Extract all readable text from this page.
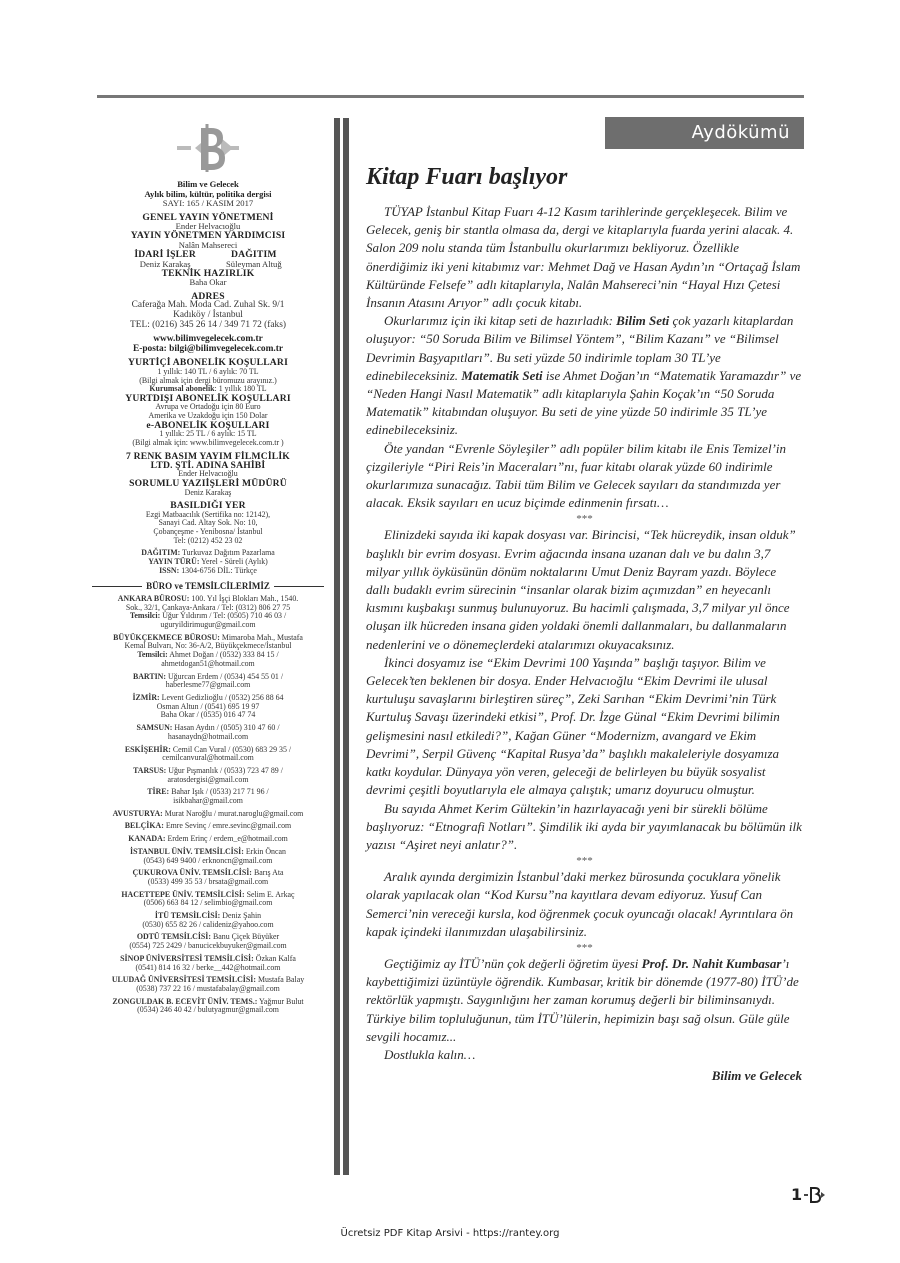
Bilim ve Gelecek
Aylık bilim, kültür, politika dergisi
SAYI: 165 / KASIM 2017
GENEL YAYIN YÖNETMENİ
Ender Helvacıoğlu
YAYIN YÖNETMEN YARDIMCISI
Nalân Mahsereci
İDARİ İŞLER
Deniz Karakaş
DAĞITIM
Süleyman Altuğ
TEKNİK HAZIRLIK
Baha Okar
ADRES
Caferağa Mah. Moda Cad. Zuhal Sk. 9/1
Kadıköy / İstanbul
TEL: (0216) 345 26 14 / 349 71 72 (faks)
www.bilimvegelecek.com.tr
E-posta: bilgi@bilimvegelecek.com.tr
YURTİÇİ ABONELİK KOŞULLARI
1 yıllık: 140 TL / 6 aylık: 70 TL
(Bilgi almak için dergi büromuzu arayınız.)
Kurumsal abonelik: 1 yıllık 180 TL
YURTDIŞI ABONELİK KOŞULLARI
Avrupa ve Ortadoğu için 80 Euro
Amerika ve Uzakdoğu için 150 Dolar
e-ABONELİK KOŞULLARI
1 yıllık: 25 TL / 6 aylık: 15 TL
(Bilgi almak için: www.bilimvegelecek.com.tr )
7 RENK BASIM YAYIM FİLMCİLİK
LTD. ŞTİ. ADINA SAHİBİ
Ender Helvacıoğlu
SORUMLU YAZIİŞLERİ MÜDÜRÜ
Deniz Karakaş
BASILDIĞI YER
Ezgi Matbaacılık (Sertifika no: 12142),
Sanayi Cad. Altay Sok. No: 10,
Çobançeşme - Yenibosna/ İstanbul
Tel: (0212) 452 23 02
DAĞITIM: Turkuvaz Dağıtım Pazarlama
YAYIN TÜRÜ: Yerel - Süreli (Aylık)
ISSN: 1304-6756 DİL: Türkçe
BÜRO ve TEMSİLCİLERİMİZ
ANKARA BÜROSU: 100. Yıl İşçi Blokları Mah., 1540.
Sok., 32/1, Çankaya-Ankara / Tel: (0312) 806 27 75
Temsilci: Uğur Yıldırım / Tel: (0505) 710 46 03 /
uguryildirimugur@gmail.com
BÜYÜKÇEKMECE BÜROSU: Mimaroba Mah., Mustafa
Kemal Bulvarı, No: 36-A/2, Büyükçekmece/İstanbul
Temsilci: Ahmet Doğan / (0532) 333 84 15 /
ahmetdogan51@hotmail.com
BARTIN: Uğurcan Erdem / (0534) 454 55 01 /
haberlesme77@gmail.com
İZMİR: Levent Gedizlioğlu / (0532) 256 88 64
Osman Altun / (0541) 695 19 97
Baha Okar / (0535) 016 47 74
SAMSUN: Hasan Aydın / (0505) 310 47 60 /
hasanaydn@hotmail.com
ESKİŞEHİR: Cemil Can Vural / (0530) 683 29 35 /
cemilcanvural@hotmail.com
TARSUS: Uğur Pışmanlık / (0533) 723 47 89 /
aratosdergisi@gmail.com
TİRE: Bahar Işık / (0533) 217 71 96 /
isikbahar@gmail.com
AVUSTURYA: Murat Naroğlu / murat.naroglu@gmail.com
BELÇİKA: Emre Sevinç / emre.sevinc@gmail.com
KANADA: Erdem Erinç / erdem_e@hotmail.com
İSTANBUL ÜNİV. TEMSİLCİSİ: Erkin Öncan
(0543) 649 9400 / erknoncn@gmail.com
ÇUKUROVA ÜNİV. TEMSİLCİSİ: Barış Ata
(0533) 499 35 53 / brsata@gmail.com
HACETTEPE ÜNİV. TEMSİLCİSİ: Selim E. Arkaç
(0506) 663 84 12 / selimbio@gmail.com
İTÜ TEMSİLCİSİ: Deniz Şahin
(0530) 655 82 26 / calideniz@yahoo.com
ODTÜ TEMSİLCİSİ: Banu Çiçek Büyüker
(0554) 725 2429 / banucicekbuyuker@gmail.com
SİNOP ÜNİVERSİTESİ TEMSİLCİSİ: Özkan Kalfa
(0541) 814 16 32 / berke__442@hotmail.com
ULUDAĞ ÜNİVERSİTESİ TEMSİLCİSİ: Mustafa Balay
(0538) 737 22 16 / mustafabalay@gmail.com
ZONGULDAK B. ECEVİT ÜNİV. TEMS.: Yağmur Bulut
(0534) 246 40 42 / bulutyagmur@gmail.com
Aydökümü
Kitap Fuarı başlıyor

TÜYAP İstanbul Kitap Fuarı 4-12 Kasım tarihlerinde gerçekleşecek. Bilim ve Gelecek, geniş bir stantla olmasa da, dergi ve kitaplarıyla fuarda yerini alacak. 4. Salon 209 nolu standa tüm İstanbullu okurlarımızı bekliyoruz. Özellikle önerdiğimiz iki yeni kitabımız var: Mehmet Dağ ve Hasan Aydın’ın “Ortaçağ İslam Kültüründe Felsefe” adlı kitaplarıyla, Nalân Mahsereci’nin “Hayal Hızı Çetesi İnsanın Atasını Arıyor” adlı çocuk kitabı.

Okurlarımız için iki kitap seti de hazırladık: Bilim Seti çok yazarlı kitaplardan oluşuyor: “50 Soruda Bilim ve Bilimsel Yöntem”, “Bilim Kazanı” ve “Bilimsel Devrimin Başyapıtları”. Bu seti yüzde 50 indirimle toplam 30 TL’ye edinebileceksiniz. Matematik Seti ise Ahmet Doğan’ın “Matematik Yaramazdır” ve “Neden Hangi Nasıl Matematik” adlı kitaplarıyla Şahin Koçak’ın “50 Soruda Matematik” kitabından oluşuyor. Bu seti de yine yüzde 50 indirimle 35 TL’ye edinebileceksiniz.

Öte yandan “Evrenle Söyleşiler” adlı popüler bilim kitabı ile Enis Temizel’in çizgileriyle “Piri Reis’in Maceraları”nı, fuar kitabı olarak yüzde 60 indirimle okurlarımıza sunacağız. Tabii tüm Bilim ve Gelecek sayıları da standımızda yer alacak. Eksik sayıları en ucuz biçimde edinmenin fırsatı…

***

Elinizdeki sayıda iki kapak dosyası var. Birincisi, “Tek hücreydik, insan olduk” başlıklı bir evrim dosyası. Evrim ağacında insana uzanan dalı ve bu dalın 3,7 milyar yıllık öyküsünün dönüm noktalarını Umut Deniz Bayram yazdı. Böylece dallı budaklı evrim sürecinin “insanlar olarak bizim açımızdan” en heyecanlı kısmını kuşbakışı sunmuş bulunuyoruz. Bu hacimli çalışmada, 3,7 milyar yıl önce oluşan ilk hücreden insana giden yoldaki önemli dallanmaları, bu dallanmaların nedenlerini ve o dönemeçlerdeki atalarımızı okuyacaksınız.

İkinci dosyamız ise “Ekim Devrimi 100 Yaşında” başlığı taşıyor. Bilim ve Gelecek’ten beklenen bir dosya. Ender Helvacıoğlu “Ekim Devrimi ile ulusal kurtuluşu savaşlarını birleştiren süreç”, Zeki Sarıhan “Ekim Devrimi’nin Türk Kurtuluş Savaşı üzerindeki etkisi”, Prof. Dr. İzge Günal “Ekim Devrimi bilimin gelişmesini nasıl etkiledi?”, Kağan Güner “Modernizm, avangard ve Ekim Devrimi”, Serpil Güvenç “Kapital Rusya’da” başlıklı makaleleriyle dosyamıza katkı koydular. Dünyaya yön veren, geleceği de belirleyen bu büyük sosyalist devrimi çeşitli boyutlarıyla ele almaya çalıştık; umarız doyurucu olmuştur.

Bu sayıda Ahmet Kerim Gültekin’in hazırlayacağı yeni bir sürekli bölüme başlıyoruz: “Etnografi Notları”. Şimdilik iki ayda bir yayımlanacak bu bölümün ilk yazısı “Aşiret neyi anlatır?”.

***

Aralık ayında dergimizin İstanbul’daki merkez bürosunda çocuklara yönelik olarak yapılacak olan “Kod Kursu”na kayıtlara devam ediyoruz. Yusuf Can Semerci’nin vereceği kursla, kod öğrenmek çocuk oyuncağı olacak! Ayrıntılara ön kapak içindeki ilanımızdan ulaşabilirsiniz.

***

Geçtiğimiz ay İTÜ’nün çok değerli öğretim üyesi Prof. Dr. Nahit Kumbasar’ı kaybettiğimizi üzüntüyle öğrendik. Kumbasar, kritik bir dönemde (1977-80) İTÜ’de rektörlük yapmıştı. Saygınlığını her zaman korumuş değerli bir biliminsanıydı. Türkiye bilim topluluğunun, tüm İTÜ’lülerin, hepimizin başı sağ olsun. Güle güle sevgili hocamız...

Dostlukla kalın…

Bilim ve Gelecek
1
Ücretsiz PDF Kitap Arsivi - https://rantey.org
